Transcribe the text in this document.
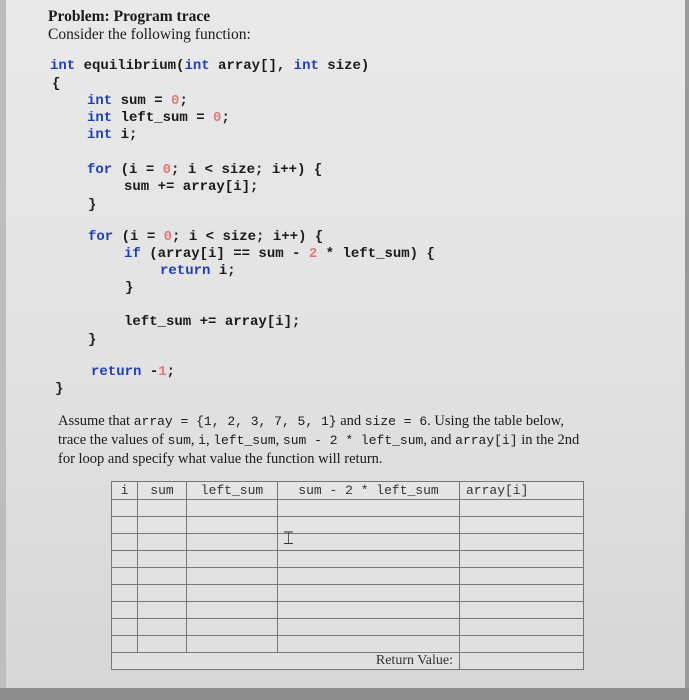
Problem: Program trace
Consider the following function:
int equilibrium(int array[], int size)
{
int sum = 0;
int left_sum = 0;
int i;
for (i = 0; i < size; i++) {
sum += array[i];
}
for (i = 0; i < size; i++) {
if (array[i] == sum - 2 * left_sum) {
return i;
}
left_sum += array[i];
}
return -1;
}
Assume that array = {1, 2, 3, 7, 5, 1} and size = 6. Using the table below,
trace the values of sum, i, left_sum, sum - 2 * left_sum, and array[i] in the 2nd
for loop and specify what value the function will return.
i	sum	left_sum	sum - 2 * left_sum	array[i]

Return Value:				
⌶
